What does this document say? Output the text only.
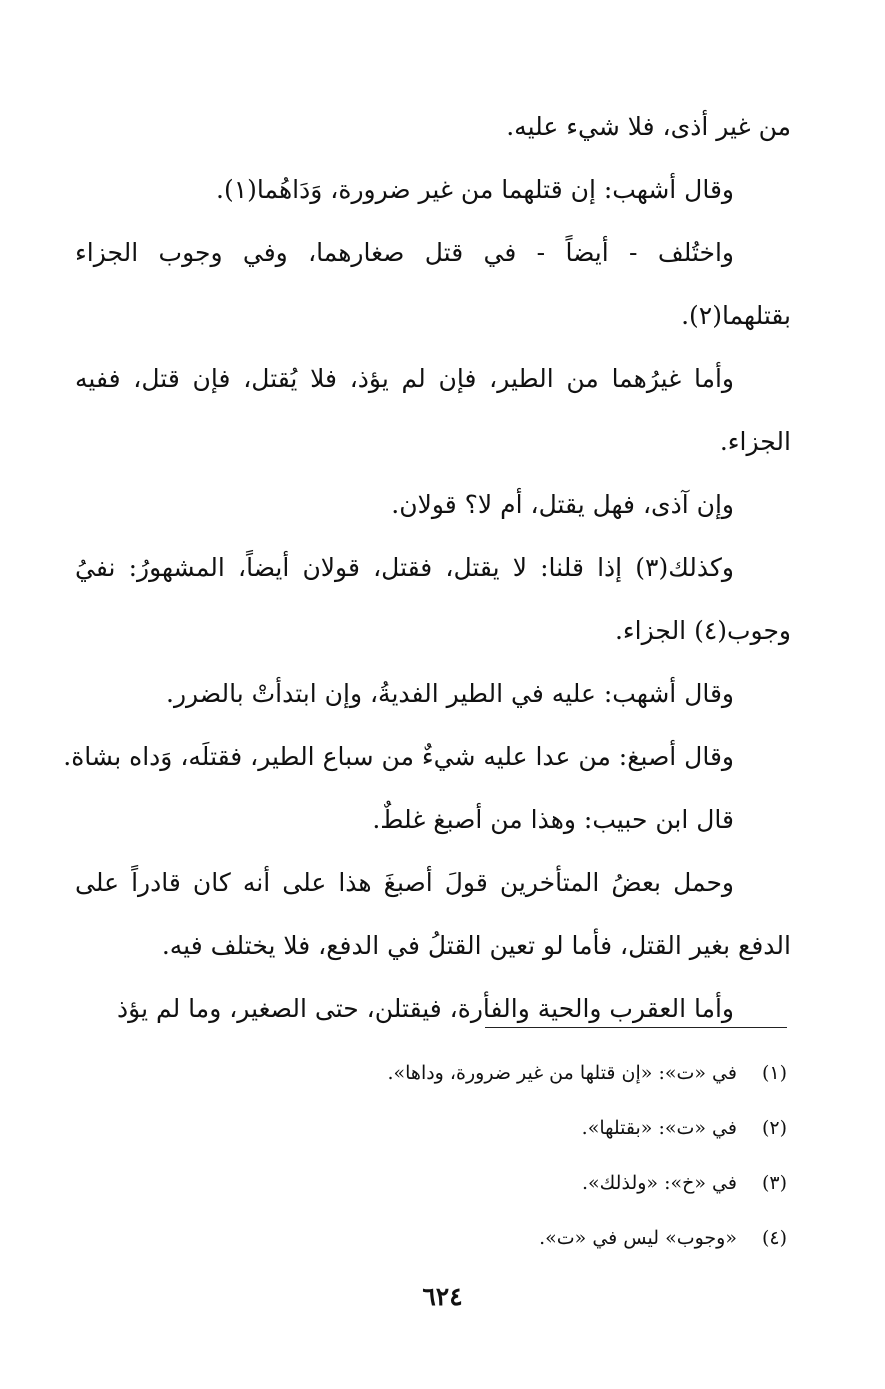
من غير أذى، فلا شيء عليه.

وقال أشهب: إن قتلهما من غير ضرورة، وَدَاهُما(١).

واختُلف - أيضاً - في قتل صغارهما، وفي وجوب الجزاء

بقتلهما(٢).

وأما غيرُهما من الطير، فإن لم يؤذ، فلا يُقتل، فإن قتل، ففيه

الجزاء.

وإن آذى، فهل يقتل، أم لا؟ قولان.

وكذلك(٣) إذا قلنا: لا يقتل، فقتل، قولان أيضاً، المشهورُ: نفيُ

وجوب(٤) الجزاء.

وقال أشهب: عليه في الطير الفديةُ، وإن ابتدأتْ بالضرر.

وقال أصبغ: من عدا عليه شيءٌ من سباع الطير، فقتلَه، وَداه بشاة.

قال ابن حبيب: وهذا من أصبغ غلطٌ.

وحمل بعضُ المتأخرين قولَ أصبغَ هذا على أنه كان قادراً على

الدفع بغير القتل، فأما لو تعين القتلُ في الدفع، فلا يختلف فيه.

وأما العقرب والحية والفأرة، فيقتلن، حتى الصغير، وما لم يؤذ

(١) في «ت»: «إن قتلها من غير ضرورة، وداها».
(٢) في «ت»: «بقتلها».
(٣) في «خ»: «ولذلك».
(٤) «وجوب» ليس في «ت».
٦٢٤
